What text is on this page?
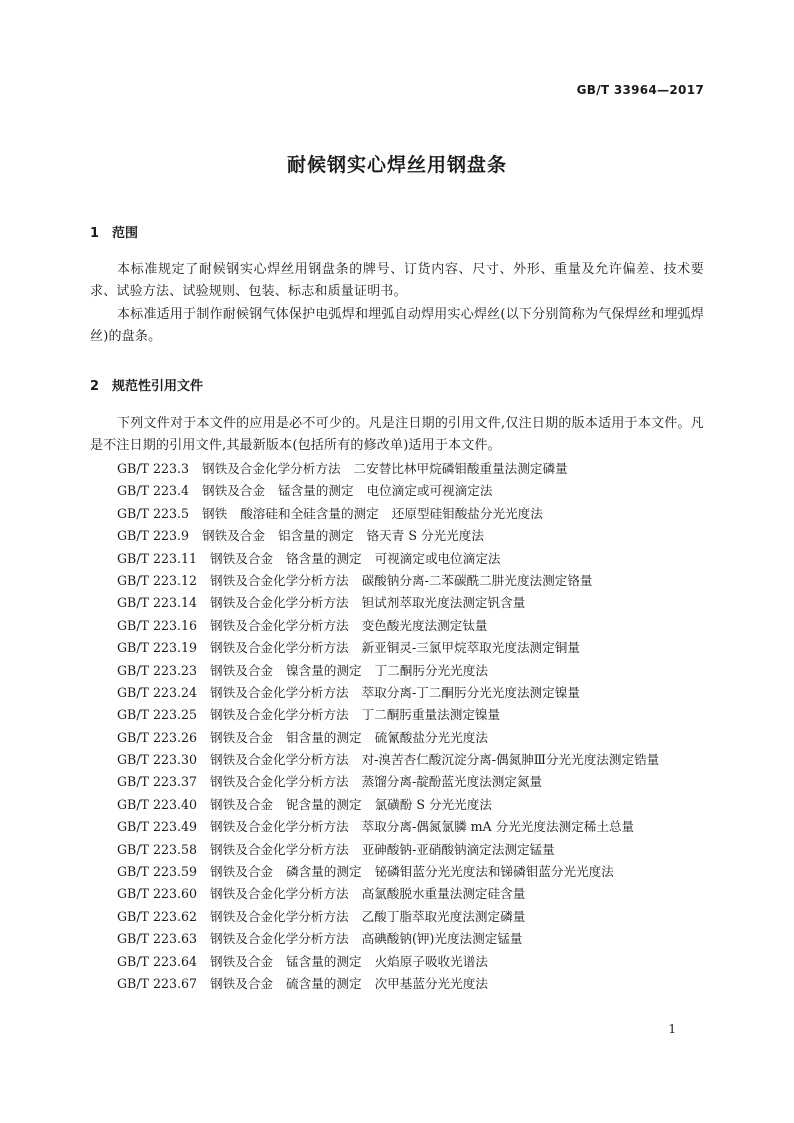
GB/T 33964—2017
耐候钢实心焊丝用钢盘条
1 范围

本标准规定了耐候钢实心焊丝用钢盘条的牌号、订货内容、尺寸、外形、重量及允许偏差、技术要求、试验方法、试验规则、包装、标志和质量证明书。

本标准适用于制作耐候钢气体保护电弧焊和埋弧自动焊用实心焊丝(以下分别简称为气保焊丝和埋弧焊丝)的盘条。

2 规范性引用文件

下列文件对于本文件的应用是必不可少的。凡是注日期的引用文件,仅注日期的版本适用于本文件。凡是不注日期的引用文件,其最新版本(包括所有的修改单)适用于本文件。

GB/T 223.3 钢铁及合金化学分析方法 二安替比林甲烷磷钼酸重量法测定磷量
GB/T 223.4 钢铁及合金 锰含量的测定 电位滴定或可视滴定法
GB/T 223.5 钢铁 酸溶硅和全硅含量的测定 还原型硅钼酸盐分光光度法
GB/T 223.9 钢铁及合金 铝含量的测定 铬天青 S 分光光度法
GB/T 223.11 钢铁及合金 铬含量的测定 可视滴定或电位滴定法
GB/T 223.12 钢铁及合金化学分析方法 碳酸钠分离-二苯碳酰二肼光度法测定铬量
GB/T 223.14 钢铁及合金化学分析方法 钽试剂萃取光度法测定钒含量
GB/T 223.16 钢铁及合金化学分析方法 变色酸光度法测定钛量
GB/T 223.19 钢铁及合金化学分析方法 新亚铜灵-三氯甲烷萃取光度法测定铜量
GB/T 223.23 钢铁及合金 镍含量的测定 丁二酮肟分光光度法
GB/T 223.24 钢铁及合金化学分析方法 萃取分离-丁二酮肟分光光度法测定镍量
GB/T 223.25 钢铁及合金化学分析方法 丁二酮肟重量法测定镍量
GB/T 223.26 钢铁及合金 钼含量的测定 硫氰酸盐分光光度法
GB/T 223.30 钢铁及合金化学分析方法 对-溴苦杏仁酸沉淀分离-偶氮胂Ⅲ分光光度法测定锆量
GB/T 223.37 钢铁及合金化学分析方法 蒸馏分离-靛酚蓝光度法测定氮量
GB/T 223.40 钢铁及合金 铌含量的测定 氯磺酚 S 分光光度法
GB/T 223.49 钢铁及合金化学分析方法 萃取分离-偶氮氯膦 mA 分光光度法测定稀土总量
GB/T 223.58 钢铁及合金化学分析方法 亚砷酸钠-亚硝酸钠滴定法测定锰量
GB/T 223.59 钢铁及合金 磷含量的测定 铋磷钼蓝分光光度法和锑磷钼蓝分光光度法
GB/T 223.60 钢铁及合金化学分析方法 高氯酸脱水重量法测定硅含量
GB/T 223.62 钢铁及合金化学分析方法 乙酸丁脂萃取光度法测定磷量
GB/T 223.63 钢铁及合金化学分析方法 高碘酸钠(钾)光度法测定锰量
GB/T 223.64 钢铁及合金 锰含量的测定 火焰原子吸收光谱法
GB/T 223.67 钢铁及合金 硫含量的测定 次甲基蓝分光光度法
1
